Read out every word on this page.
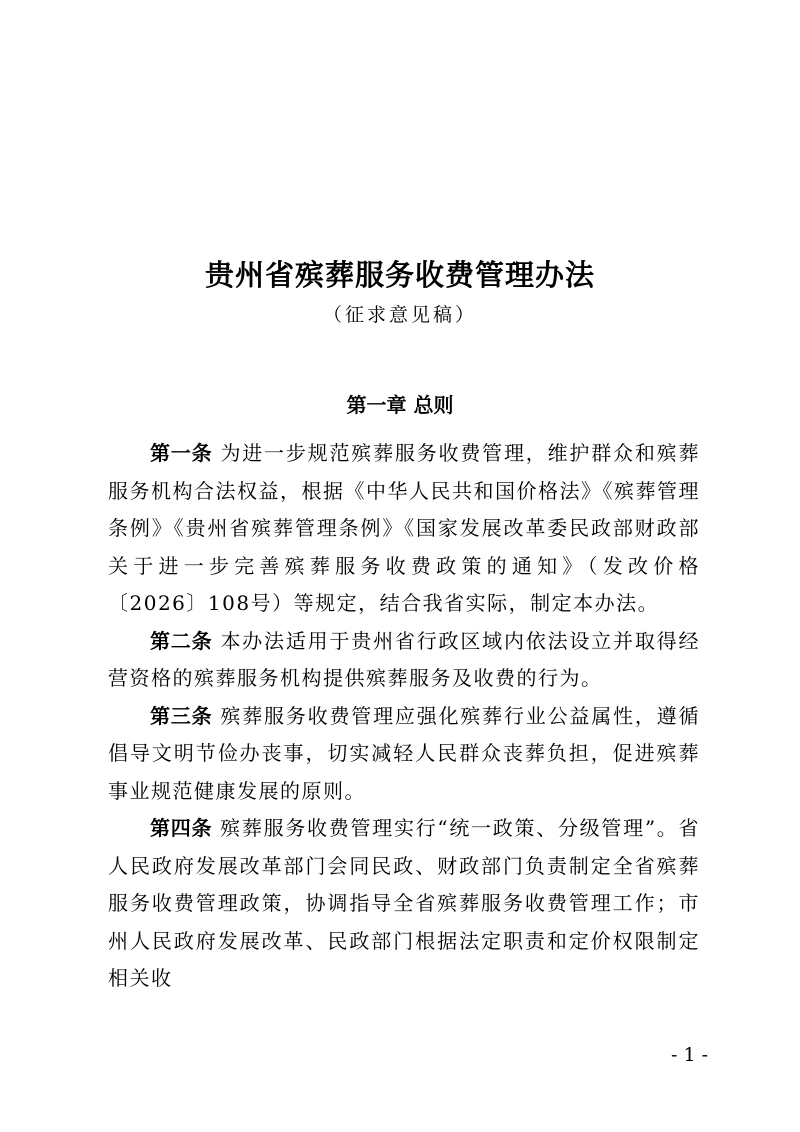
贵州省殡葬服务收费管理办法
（征求意见稿）
第一章 总则

第一条 为进一步规范殡葬服务收费管理，维护群众和殡葬服务机构合法权益，根据《中华人民共和国价格法》《殡葬管理条例》《贵州省殡葬管理条例》《国家发展改革委民政部财政部关于进一步完善殡葬服务收费政策的通知》（发改价格〔2026〕108号）等规定，结合我省实际，制定本办法。

第二条 本办法适用于贵州省行政区域内依法设立并取得经营资格的殡葬服务机构提供殡葬服务及收费的行为。

第三条 殡葬服务收费管理应强化殡葬行业公益属性，遵循倡导文明节俭办丧事，切实减轻人民群众丧葬负担，促进殡葬事业规范健康发展的原则。

第四条 殡葬服务收费管理实行“统一政策、分级管理”。省人民政府发展改革部门会同民政、财政部门负责制定全省殡葬服务收费管理政策，协调指导全省殡葬服务收费管理工作；市州人民政府发展改革、民政部门根据法定职责和定价权限制定相关收

- 1 -
